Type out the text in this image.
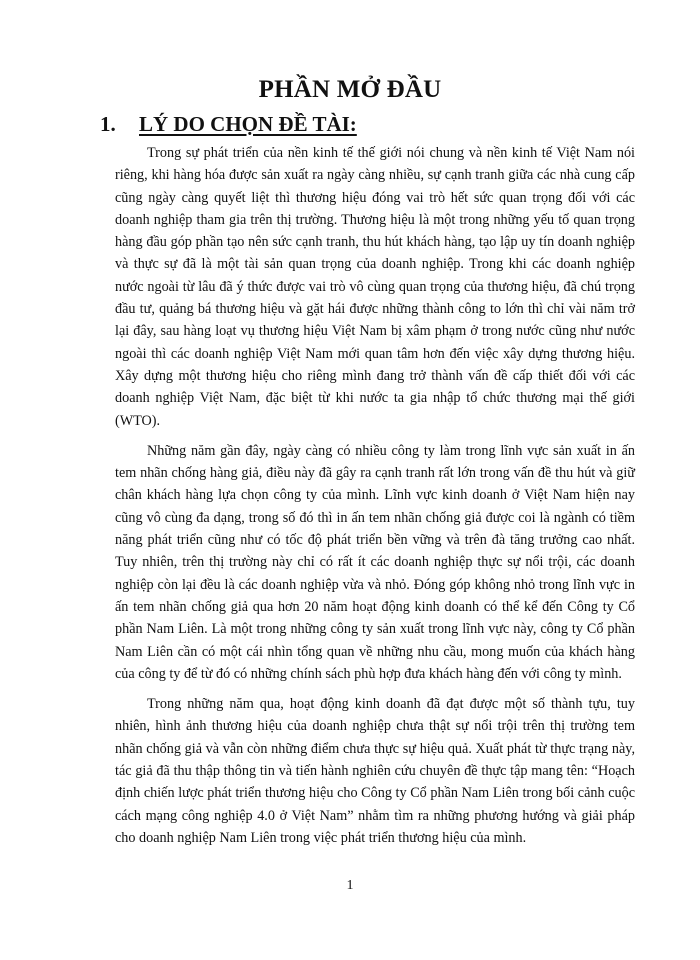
PHẦN MỞ ĐẦU
1. LÝ DO CHỌN ĐỀ TÀI:

Trong sự phát triển của nền kinh tế thế giới nói chung và nền kinh tế Việt Nam nói riêng, khi hàng hóa được sản xuất ra ngày càng nhiều, sự cạnh tranh giữa các nhà cung cấp cũng ngày càng quyết liệt thì thương hiệu đóng vai trò hết sức quan trọng đối với các doanh nghiệp tham gia trên thị trường. Thương hiệu là một trong những yếu tố quan trọng hàng đầu góp phần tạo nên sức cạnh tranh, thu hút khách hàng, tạo lập uy tín doanh nghiệp và thực sự đã là một tài sản quan trọng của doanh nghiệp. Trong khi các doanh nghiệp nước ngoài từ lâu đã ý thức được vai trò vô cùng quan trọng của thương hiệu, đã chú trọng đầu tư, quảng bá thương hiệu và gặt hái được những thành công to lớn thì chỉ vài năm trở lại đây, sau hàng loạt vụ thương hiệu Việt Nam bị xâm phạm ở trong nước cũng như nước ngoài thì các doanh nghiệp Việt Nam mới quan tâm hơn đến việc xây dựng thương hiệu. Xây dựng một thương hiệu cho riêng mình đang trở thành vấn đề cấp thiết đối với các doanh nghiệp Việt Nam, đặc biệt từ khi nước ta gia nhập tổ chức thương mại thế giới (WTO).

Những năm gần đây, ngày càng có nhiều công ty làm trong lĩnh vực sản xuất in ấn tem nhãn chống hàng giả, điều này đã gây ra cạnh tranh rất lớn trong vấn đề thu hút và giữ chân khách hàng lựa chọn công ty của mình. Lĩnh vực kinh doanh ở Việt Nam hiện nay cũng vô cùng đa dạng, trong số đó thì in ấn tem nhãn chống giả được coi là ngành có tiềm năng phát triển cũng như có tốc độ phát triển bền vững và trên đà tăng trưởng cao nhất. Tuy nhiên, trên thị trường này chỉ có rất ít các doanh nghiệp thực sự nổi trội, các doanh nghiệp còn lại đều là các doanh nghiệp vừa và nhỏ. Đóng góp không nhỏ trong lĩnh vực in ấn tem nhãn chống giả qua hơn 20 năm hoạt động kinh doanh có thể kể đến Công ty Cổ phần Nam Liên. Là một trong những công ty sản xuất trong lĩnh vực này, công ty Cổ phần Nam Liên cần có một cái nhìn tổng quan về những nhu cầu, mong muốn của khách hàng của công ty để từ đó có những chính sách phù hợp đưa khách hàng đến với công ty mình.

Trong những năm qua, hoạt động kinh doanh đã đạt được một số thành tựu, tuy nhiên, hình ảnh thương hiệu của doanh nghiệp chưa thật sự nổi trội trên thị trường tem nhãn chống giả và vẫn còn những điểm chưa thực sự hiệu quả. Xuất phát từ thực trạng này, tác giả đã thu thập thông tin và tiến hành nghiên cứu chuyên đề thực tập mang tên: “Hoạch định chiến lược phát triển thương hiệu cho Công ty Cổ phần Nam Liên trong bối cảnh cuộc cách mạng công nghiệp 4.0 ở Việt Nam” nhằm tìm ra những phương hướng và giải pháp cho doanh nghiệp Nam Liên trong việc phát triển thương hiệu của mình.

1
